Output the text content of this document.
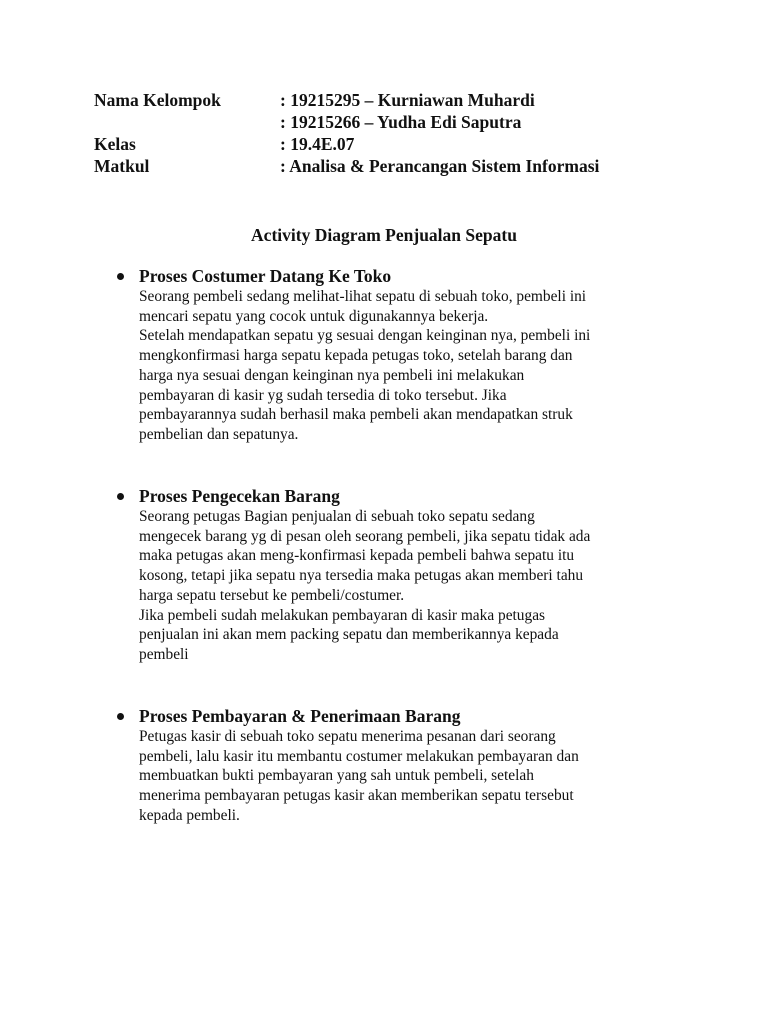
Nama Kelompok	: 19215295 – Kurniawan Muhardi
: 19215266 – Yudha Edi Saputra
Kelas	: 19.4E.07
Matkul	: Analisa & Perancangan Sistem Informasi
Activity Diagram Penjualan Sepatu
Proses Costumer Datang Ke Toko
Seorang pembeli sedang melihat-lihat sepatu di sebuah toko, pembeli ini
mencari sepatu yang cocok untuk digunakannya bekerja.
Setelah mendapatkan sepatu yg sesuai dengan keinginan nya, pembeli ini
mengkonfirmasi harga sepatu kepada petugas toko, setelah barang dan
harga nya sesuai dengan keinginan nya pembeli ini melakukan
pembayaran di kasir yg sudah tersedia di toko tersebut. Jika
pembayarannya sudah berhasil maka pembeli akan mendapatkan struk
pembelian dan sepatunya.
Proses Pengecekan Barang
Seorang petugas Bagian penjualan di sebuah toko sepatu sedang
mengecek barang yg di pesan oleh seorang pembeli, jika sepatu tidak ada
maka petugas akan meng-konfirmasi kepada pembeli bahwa sepatu itu
kosong, tetapi jika sepatu nya tersedia maka petugas akan memberi tahu
harga sepatu tersebut ke pembeli/costumer.
Jika pembeli sudah melakukan pembayaran di kasir maka petugas
penjualan ini akan mem packing sepatu dan memberikannya kepada
pembeli
Proses Pembayaran & Penerimaan Barang
Petugas kasir di sebuah toko sepatu menerima pesanan dari seorang
pembeli, lalu kasir itu membantu costumer melakukan pembayaran dan
membuatkan bukti pembayaran yang sah untuk pembeli, setelah
menerima pembayaran petugas kasir akan memberikan sepatu tersebut
kepada pembeli.
